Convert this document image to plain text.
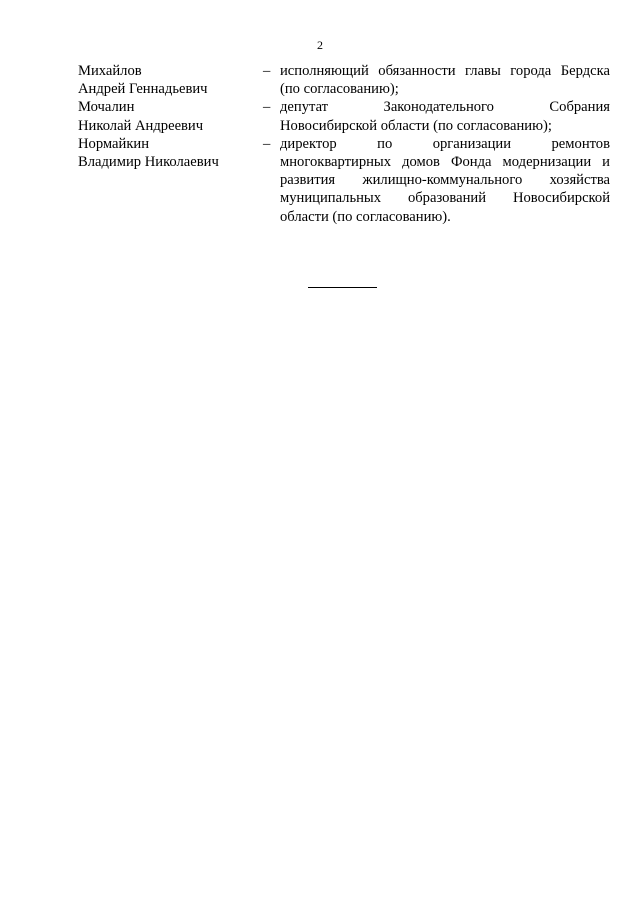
2
Михайлов
Андрей Геннадьевич
– исполняющий обязанности главы города Бердска
(по согласованию);
Мочалин
Николай Андреевич
– депутат Законодательного Собрания
Новосибирской области (по согласованию);
Нормайкин
Владимир Николаевич
– директор по организации ремонтов
многоквартирных домов Фонда модернизации и
развития жилищно-коммунального хозяйства
муниципальных образований Новосибирской
области (по согласованию).
